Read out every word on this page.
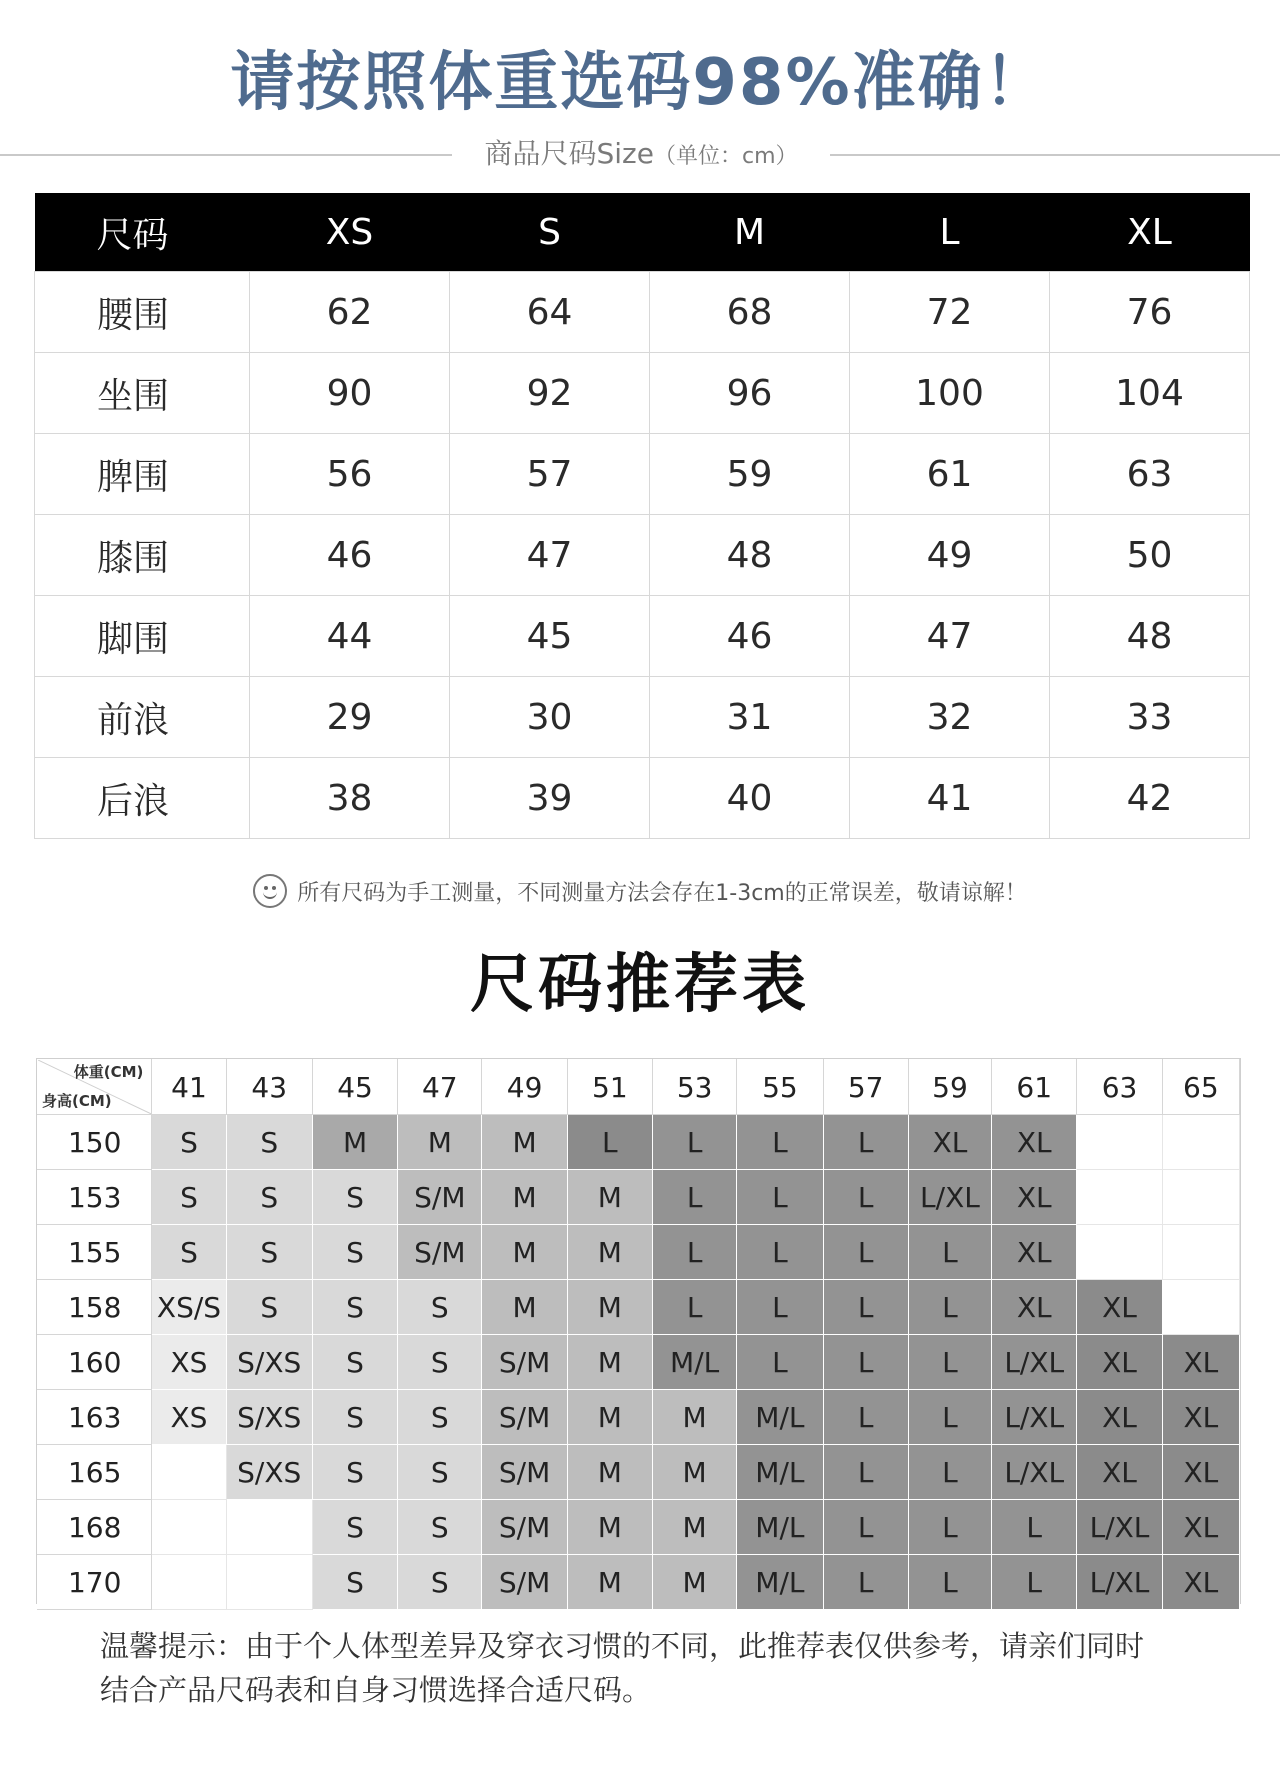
请按照体重选码98%准确！
商品尺码Size（单位：cm）
尺码	XS	S	M	L	XL
腰围	62	64	68	72	76
坐围	90	92	96	100	104
脾围	56	57	59	61	63
膝围	46	47	48	49	50
脚围	44	45	46	47	48
前浪	29	30	31	32	33
后浪	38	39	40	41	42
所有尺码为手工测量，不同测量方法会存在1-3cm的正常误差，敬请谅解！
尺码推荐表
体重(CM)
身高(CM)	41	43	45	47	49	51	53	55	57	59	61	63	65
150	S	S	M	M	M	L	L	L	L	XL	XL		
153	S	S	S	S/M	M	M	L	L	L	L/XL	XL		
155	S	S	S	S/M	M	M	L	L	L	L	XL		
158	XS/S	S	S	S	M	M	L	L	L	L	XL	XL	
160	XS	S/XS	S	S	S/M	M	M/L	L	L	L	L/XL	XL	XL
163	XS	S/XS	S	S	S/M	M	M	M/L	L	L	L/XL	XL	XL
165		S/XS	S	S	S/M	M	M	M/L	L	L	L/XL	XL	XL
168			S	S	S/M	M	M	M/L	L	L	L	L/XL	XL
170			S	S	S/M	M	M	M/L	L	L	L	L/XL	XL
温馨提示：由于个人体型差异及穿衣习惯的不同，此推荐表仅供参考，请亲们同时
结合产品尺码表和自身习惯选择合适尺码。
